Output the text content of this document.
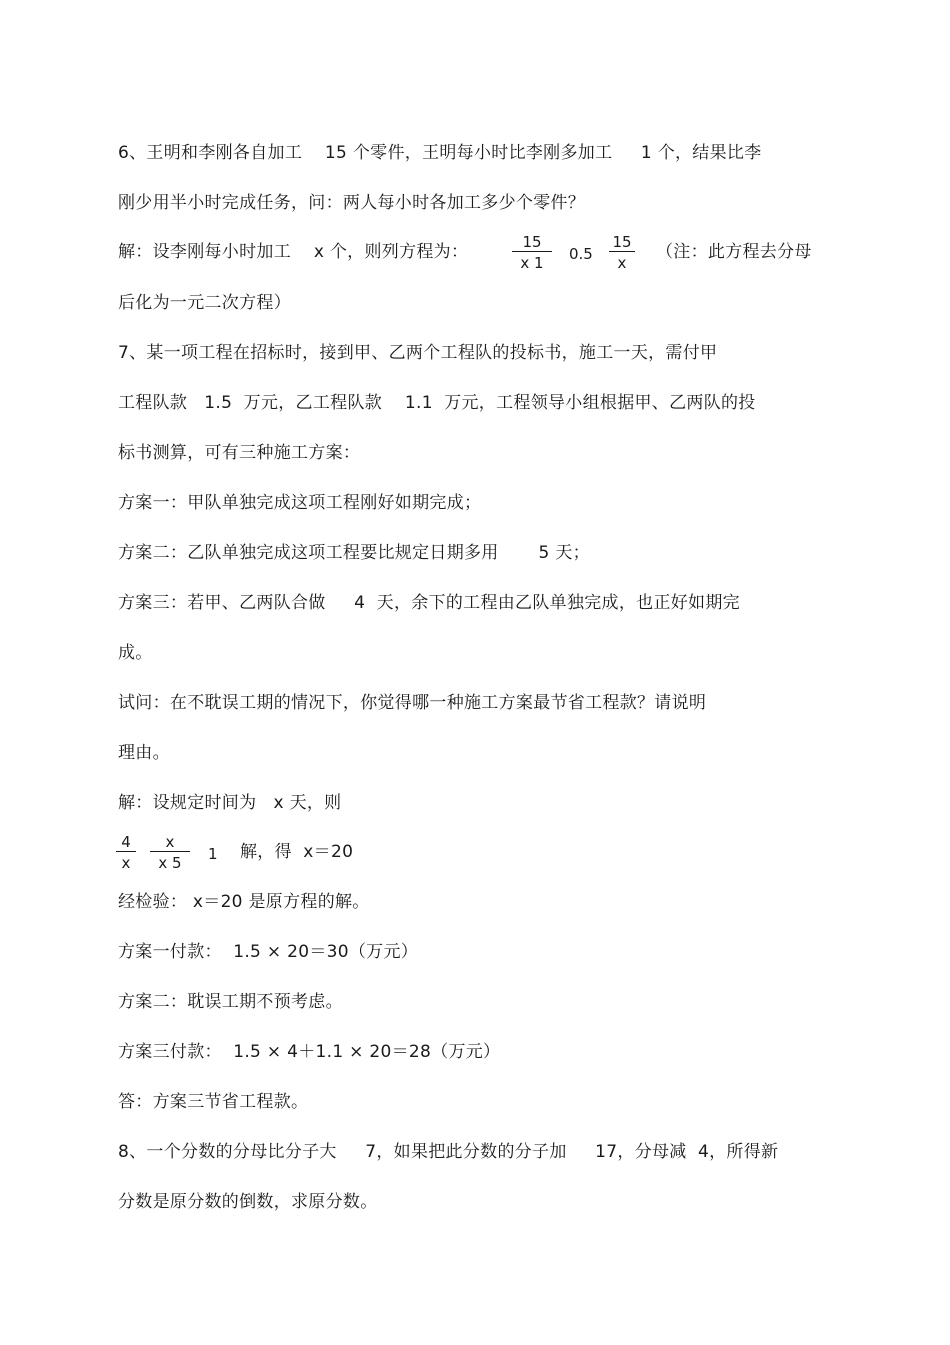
6、王明和李刚各自加工    15 个零件，王明每小时比李刚多加工     1 个，结果比李
刚少用半小时完成任务，问：两人每小时各加工多少个零件？
解：设李刚每小时加工    x 个，则列方程为：	$\frac{15}{x 1} 0.5 \frac{15}{x}$ （注：此方程去分母
后化为一元二次方程）
7、某一项工程在招标时，接到甲、乙两个工程队的投标书，施工一天，需付甲
工程队款   1.5  万元，乙工程队款    1.1  万元，工程领导小组根据甲、乙两队的投
标书测算，可有三种施工方案：
方案一：甲队单独完成这项工程刚好如期完成；
方案二：乙队单独完成这项工程要比规定日期多用       5 天；
方案三：若甲、乙两队合做     4  天，余下的工程由乙队单独完成，也正好如期完
成。
试问：在不耽误工期的情况下，你觉得哪一种施工方案最节省工程款？请说明
理由。
解：设规定时间为   x 天，则
$\frac{4}{x} \frac{x}{x 5} 1$ 解，得  x＝20
经检验： x＝20 是原方程的解。
方案一付款：  1.5 × 20＝30（万元）
方案二：耽误工期不预考虑。
方案三付款：  1.5 × 4＋1.1 × 20＝28（万元）
答：方案三节省工程款。
8、一个分数的分母比分子大     7，如果把此分数的分子加     17，分母减  4，所得新
分数是原分数的倒数，求原分数。
